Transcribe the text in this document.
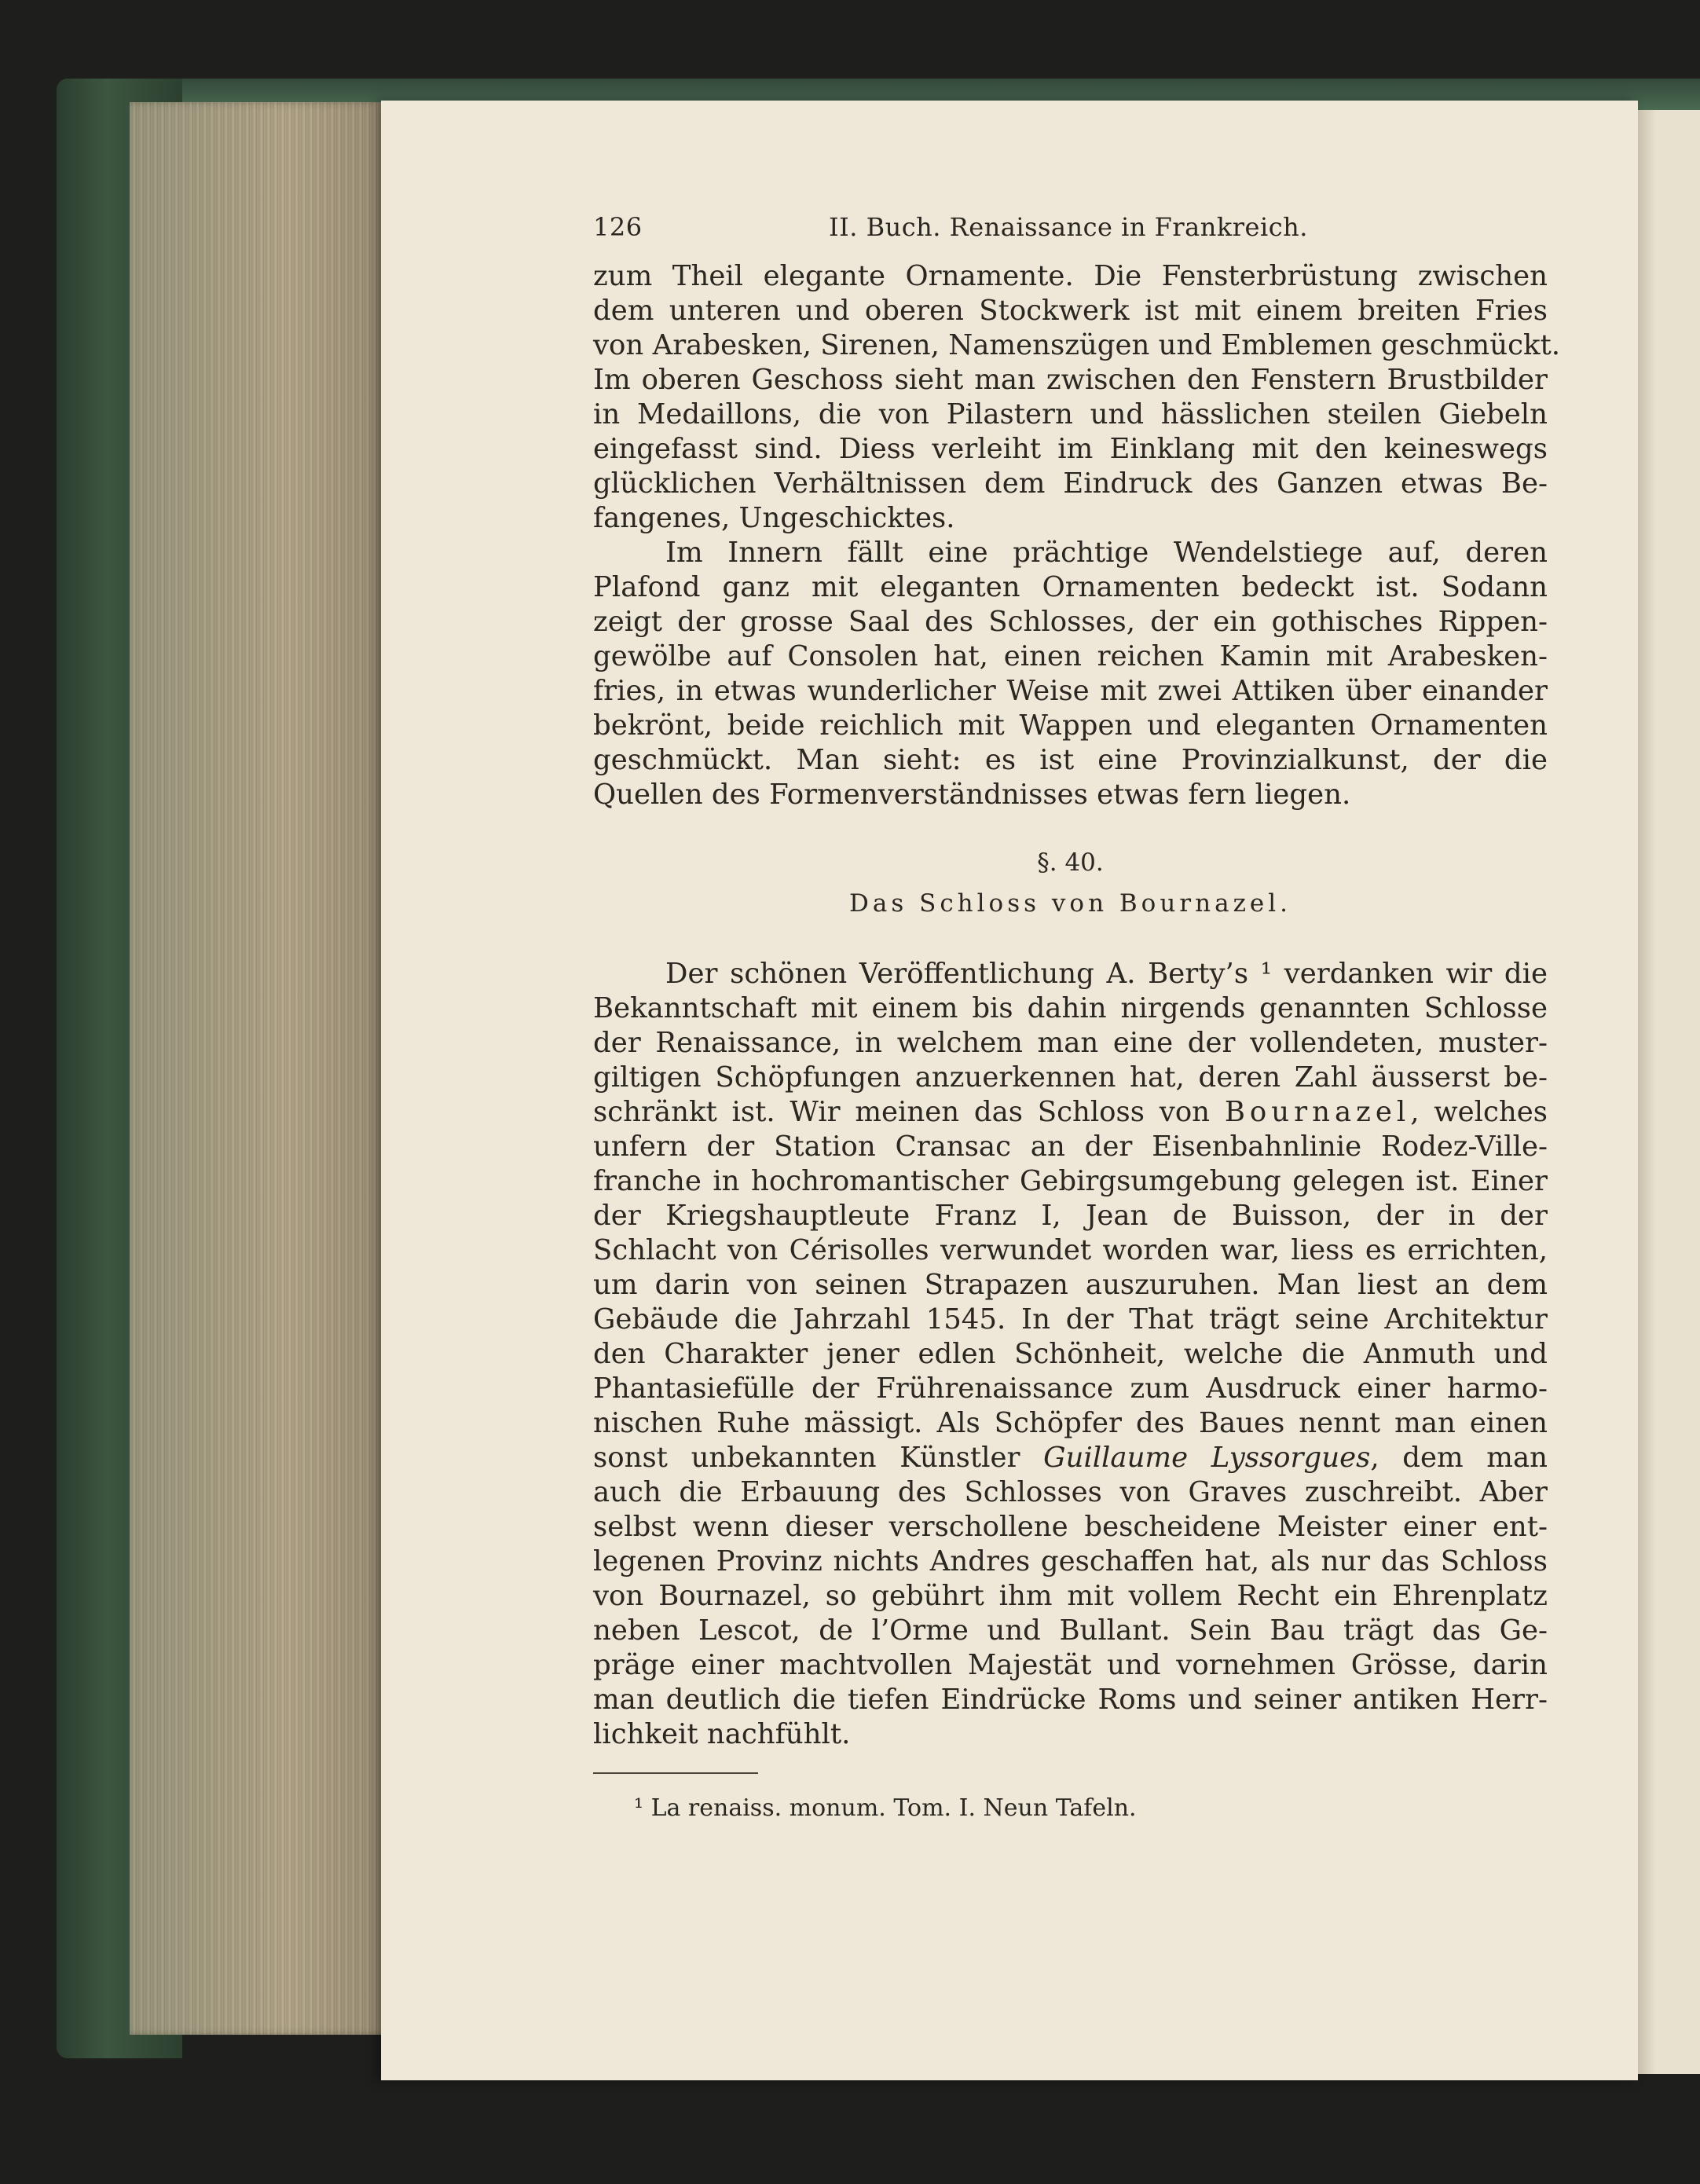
126	II. Buch. Renaissance in Frankreich.
zum Theil elegante Ornamente. Die Fensterbrüstung zwischen
dem unteren und oberen Stockwerk ist mit einem breiten Fries
von Arabesken, Sirenen, Namenszügen und Emblemen geschmückt.
Im oberen Geschoss sieht man zwischen den Fenstern Brustbilder
in Medaillons, die von Pilastern und hässlichen steilen Giebeln
eingefasst sind. Diess verleiht im Einklang mit den keineswegs
glücklichen Verhältnissen dem Eindruck des Ganzen etwas Be-
fangenes, Ungeschicktes.
Im Innern fällt eine prächtige Wendelstiege auf, deren
Plafond ganz mit eleganten Ornamenten bedeckt ist. Sodann
zeigt der grosse Saal des Schlosses, der ein gothisches Rippen-
gewölbe auf Consolen hat, einen reichen Kamin mit Arabesken-
fries, in etwas wunderlicher Weise mit zwei Attiken über einander
bekrönt, beide reichlich mit Wappen und eleganten Ornamenten
geschmückt. Man sieht: es ist eine Provinzialkunst, der die
Quellen des Formenverständnisses etwas fern liegen.
§. 40.
Das Schloss von Bournazel.
Der schönen Veröffentlichung A. Berty’s ¹ verdanken wir die
Bekanntschaft mit einem bis dahin nirgends genannten Schlosse
der Renaissance, in welchem man eine der vollendeten, muster-
giltigen Schöpfungen anzuerkennen hat, deren Zahl äusserst be-
schränkt ist. Wir meinen das Schloss von Bournazel, welches
unfern der Station Cransac an der Eisenbahnlinie Rodez-Ville-
franche in hochromantischer Gebirgsumgebung gelegen ist. Einer
der Kriegshauptleute Franz I, Jean de Buisson, der in der
Schlacht von Cérisolles verwundet worden war, liess es errichten,
um darin von seinen Strapazen auszuruhen. Man liest an dem
Gebäude die Jahrzahl 1545. In der That trägt seine Architektur
den Charakter jener edlen Schönheit, welche die Anmuth und
Phantasiefülle der Frührenaissance zum Ausdruck einer harmo-
nischen Ruhe mässigt. Als Schöpfer des Baues nennt man einen
sonst unbekannten Künstler Guillaume Lyssorgues, dem man
auch die Erbauung des Schlosses von Graves zuschreibt. Aber
selbst wenn dieser verschollene bescheidene Meister einer ent-
legenen Provinz nichts Andres geschaffen hat, als nur das Schloss
von Bournazel, so gebührt ihm mit vollem Recht ein Ehrenplatz
neben Lescot, de l’Orme und Bullant. Sein Bau trägt das Ge-
präge einer machtvollen Majestät und vornehmen Grösse, darin
man deutlich die tiefen Eindrücke Roms und seiner antiken Herr-
lichkeit nachfühlt.
¹ La renaiss. monum. Tom. I. Neun Tafeln.
